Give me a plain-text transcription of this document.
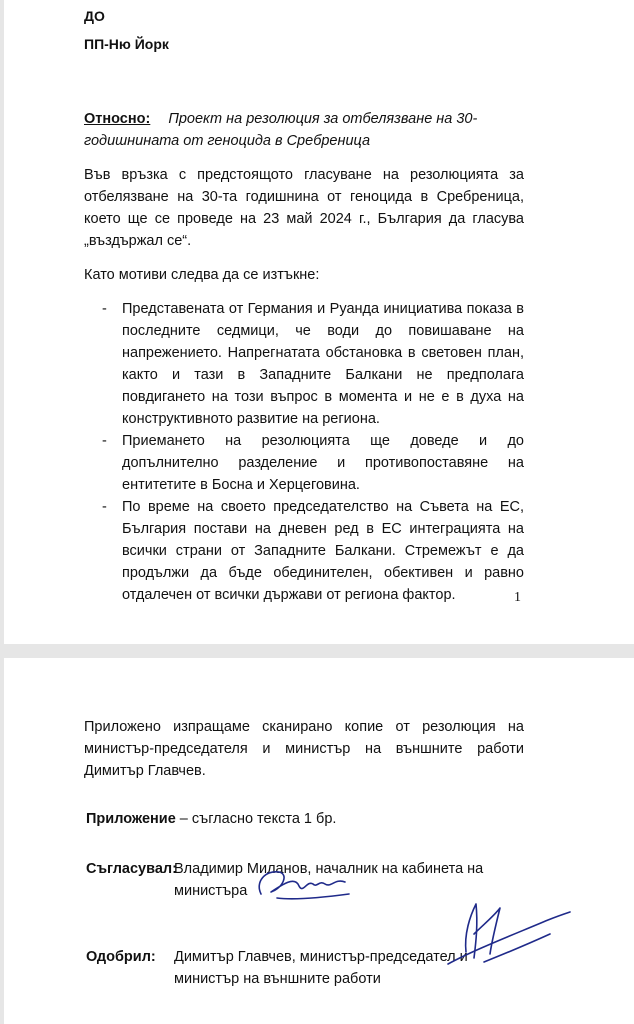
ДО

ПП-Ню Йорк

Относно: Проект на резолюция за отбелязване на 30-годишнината от геноцида в Сребреница

Във връзка с предстоящото гласуване на резолюцията за отбелязване на 30-та годишнина от геноцида в Сребреница, което ще се проведе на 23 май 2024 г., България да гласува „въздържал се“.

Като мотиви следва да се изтъкне:

- Представената от Германия и Руанда инициатива показа в последните седмици, че води до повишаване на напрежението. Напрегнатата обстановка в световен план, както и тази в Западните Балкани не предполага повдигането на този въпрос в момента и не е в духа на конструктивното развитие на региона.
- Приемането на резолюцията ще доведе и до допълнително разделение и противопоставяне на ентитетите в Босна и Херцеговина.
- По време на своето председателство на Съвета на ЕС, България постави на дневен ред в ЕС интеграцията на всички страни от Западните Балкани. Стремежът е да продължи да бъде обединителен, обективен и равно отдалечен от всички държави от региона фактор.	1

Приложено изпращаме сканирано копие от резолюция на министър-председателя и министър на външните работи Димитър Главчев.

Приложение – съгласно текста 1 бр.

Съгласувал:

Владимир Миланов, началник на кабинета на

министъра

Одобрил: Димитър Главчев, министър-председател и

министър на външните работи
